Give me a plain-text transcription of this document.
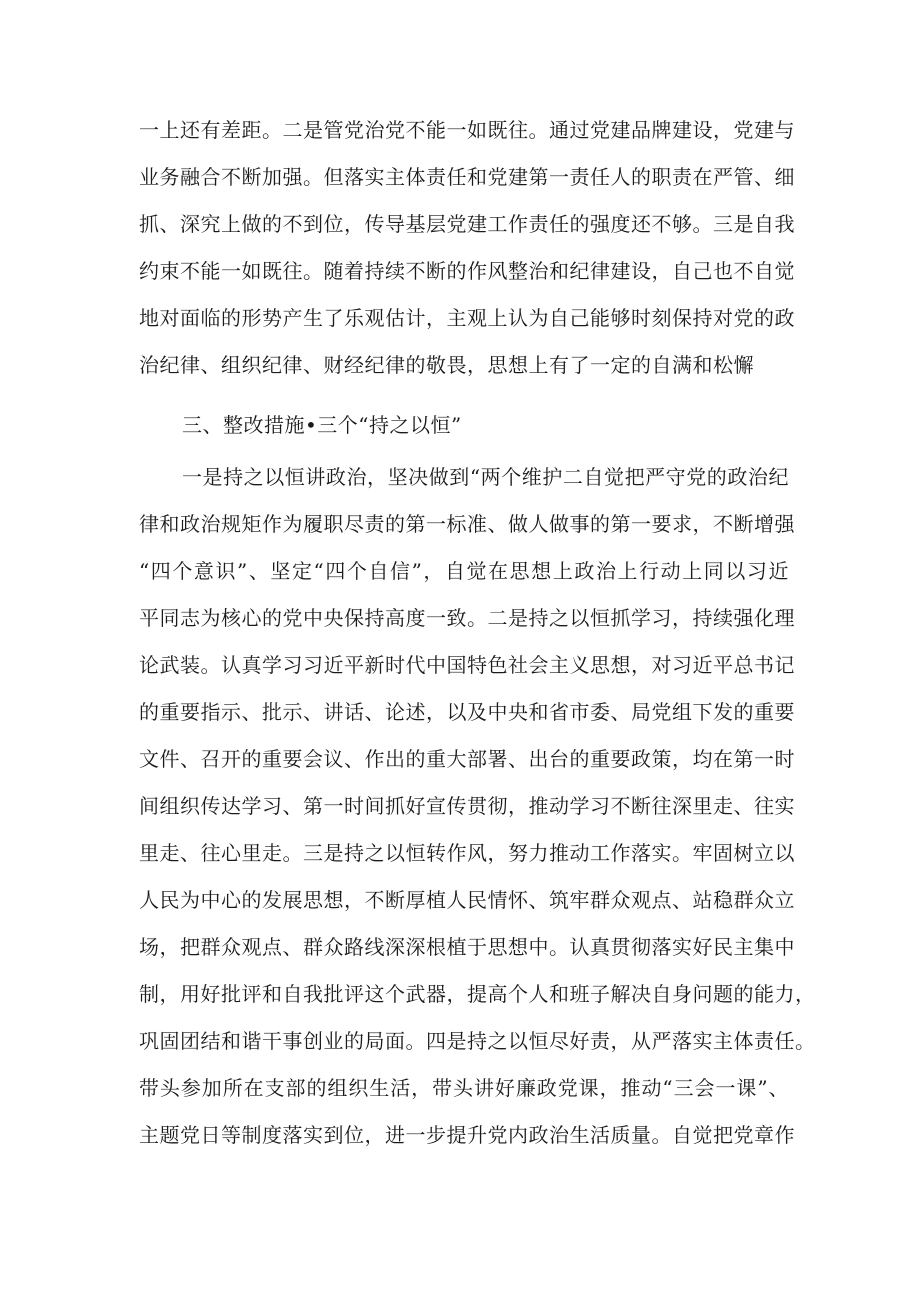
一上还有差距。二是管党治党不能一如既往。通过党建品牌建设，党建与
业务融合不断加强。但落实主体责任和党建第一责任人的职责在严管、细
抓、深究上做的不到位，传导基层党建工作责任的强度还不够。三是自我
约束不能一如既往。随着持续不断的作风整治和纪律建设，自己也不自觉
地对面临的形势产生了乐观估计，主观上认为自己能够时刻保持对党的政
治纪律、组织纪律、财经纪律的敬畏，思想上有了一定的自满和松懈
三、整改措施•三个“持之以恒”
一是持之以恒讲政治，坚决做到“两个维护二自觉把严守党的政治纪
律和政治规矩作为履职尽责的第一标准、做人做事的第一要求，不断增强
“四个意识”、坚定“四个自信”，自觉在思想上政治上行动上同以习近
平同志为核心的党中央保持高度一致。二是持之以恒抓学习，持续强化理
论武装。认真学习习近平新时代中国特色社会主义思想，对习近平总书记
的重要指示、批示、讲话、论述，以及中央和省市委、局党组下发的重要
文件、召开的重要会议、作出的重大部署、出台的重要政策，均在第一时
间组织传达学习、第一时间抓好宣传贯彻，推动学习不断往深里走、往实
里走、往心里走。三是持之以恒转作风，努力推动工作落实。牢固树立以
人民为中心的发展思想，不断厚植人民情怀、筑牢群众观点、站稳群众立
场，把群众观点、群众路线深深根植于思想中。认真贯彻落实好民主集中
制，用好批评和自我批评这个武器，提高个人和班子解决自身问题的能力，
巩固团结和谐干事创业的局面。四是持之以恒尽好责，从严落实主体责任。
带头参加所在支部的组织生活，带头讲好廉政党课，推动“三会一课”、
主题党日等制度落实到位，进一步提升党内政治生活质量。自觉把党章作
